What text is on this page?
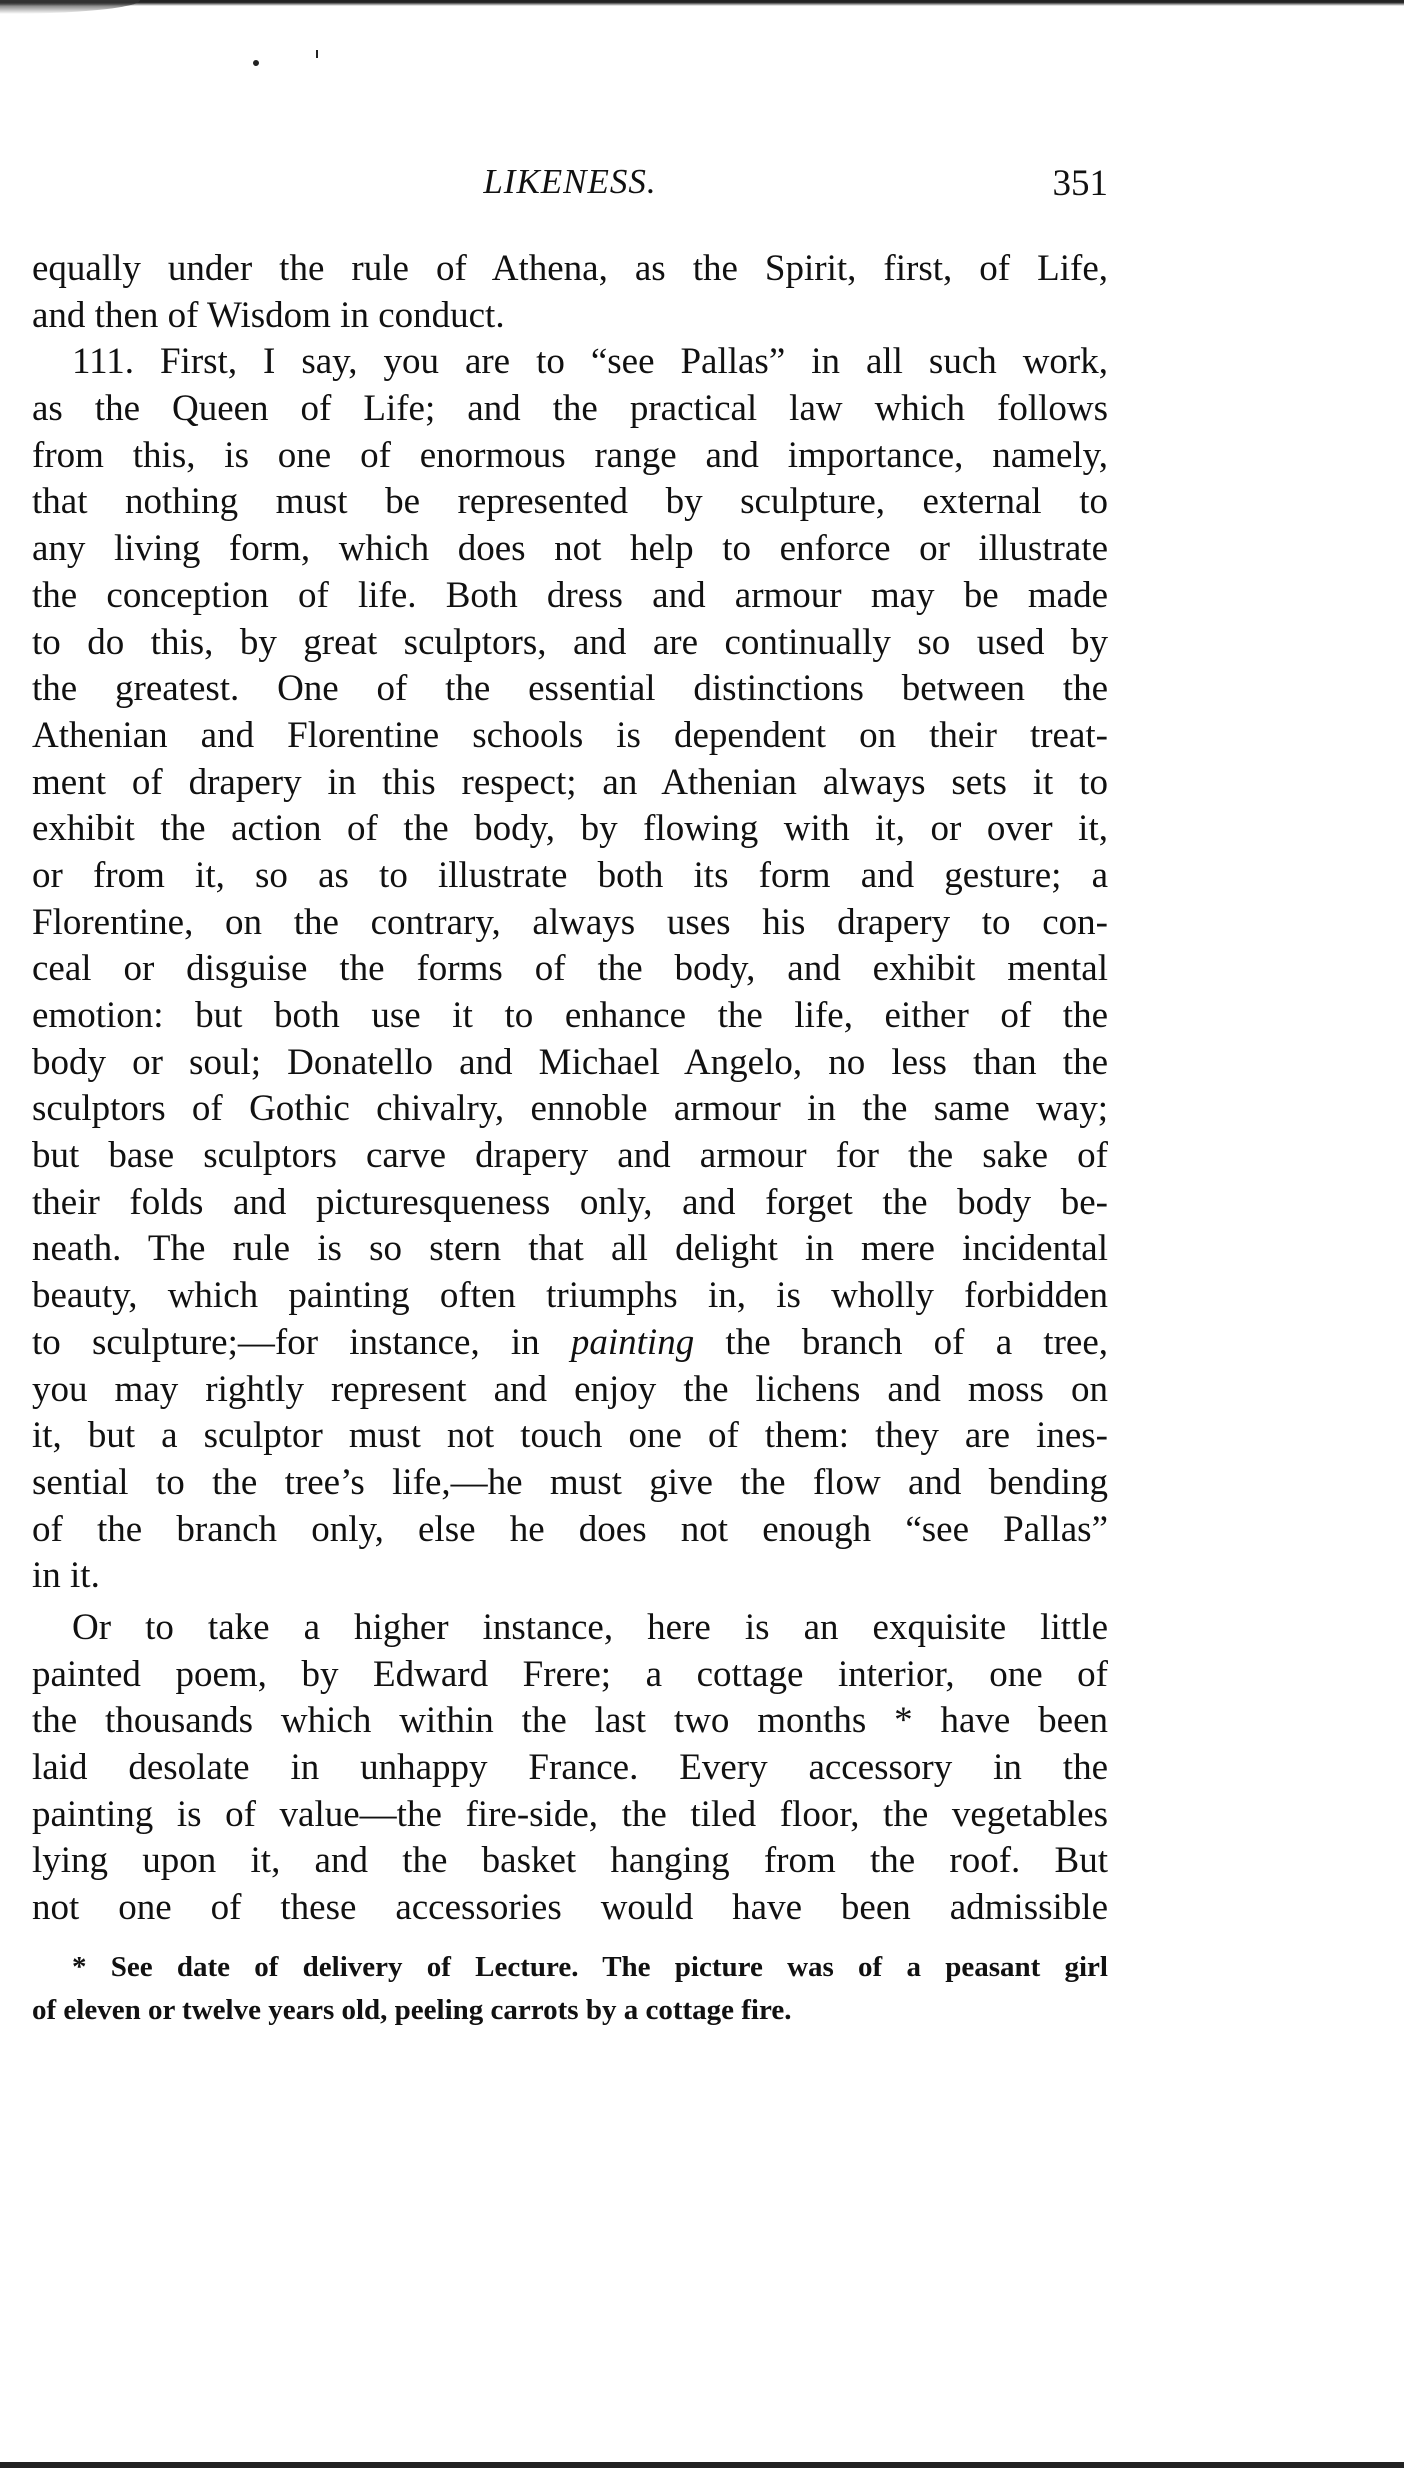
LIKENESS.	351
equally under the rule of Athena, as the Spirit, first, of Life,
and then of Wisdom in conduct.
111. First, I say, you are to “see Pallas” in all such work,
as the Queen of Life; and the practical law which follows
from this, is one of enormous range and importance, namely,
that nothing must be represented by sculpture, external to
any living form, which does not help to enforce or illustrate
the conception of life. Both dress and armour may be made
to do this, by great sculptors, and are continually so used by
the greatest. One of the essential distinctions between the
Athenian and Florentine schools is dependent on their treat-
ment of drapery in this respect; an Athenian always sets it to
exhibit the action of the body, by flowing with it, or over it,
or from it, so as to illustrate both its form and gesture; a
Florentine, on the contrary, always uses his drapery to con-
ceal or disguise the forms of the body, and exhibit mental
emotion: but both use it to enhance the life, either of the
body or soul; Donatello and Michael Angelo, no less than the
sculptors of Gothic chivalry, ennoble armour in the same way;
but base sculptors carve drapery and armour for the sake of
their folds and picturesqueness only, and forget the body be-
neath. The rule is so stern that all delight in mere incidental
beauty, which painting often triumphs in, is wholly forbidden
to sculpture;—for instance, in painting the branch of a tree,
you may rightly represent and enjoy the lichens and moss on
it, but a sculptor must not touch one of them: they are ines-
sential to the tree’s life,—he must give the flow and bending
of the branch only, else he does not enough “see Pallas”
in it.
Or to take a higher instance, here is an exquisite little
painted poem, by Edward Frere; a cottage interior, one of
the thousands which within the last two months * have been
laid desolate in unhappy France. Every accessory in the
painting is of value—the fire-side, the tiled floor, the vegetables
lying upon it, and the basket hanging from the roof. But
not one of these accessories would have been admissible
* See date of delivery of Lecture. The picture was of a peasant girl
of eleven or twelve years old, peeling carrots by a cottage fire.
